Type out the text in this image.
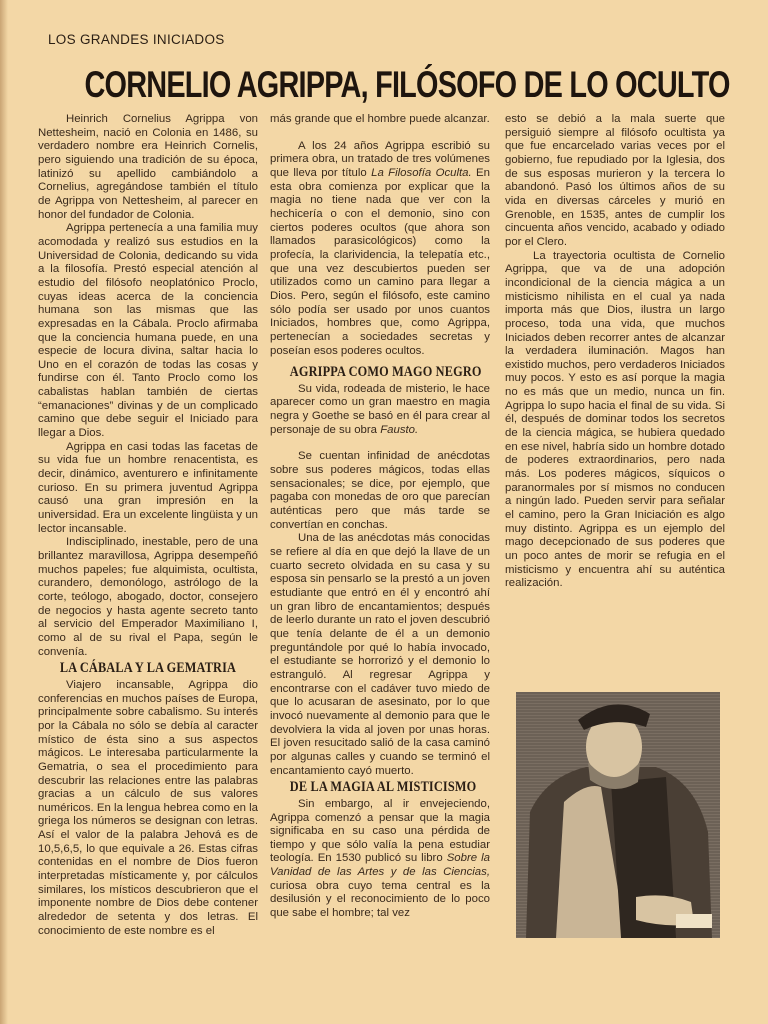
LOS GRANDES INICIADOS
CORNELIO AGRIPPA, FILÓSOFO DE LO OCULTO

Heinrich Cornelius Agrippa von Nettesheim, nació en Colonia en 1486, su verdadero nombre era Heinrich Cornelis, pero siguiendo una tradición de su época, latinizó su apellido cambiándolo a Cornelius, agregándose también el título de Agrippa von Nettesheim, al parecer en honor del fundador de Colonia.

Agrippa pertenecía a una familia muy acomodada y realizó sus estudios en la Universidad de Colonia, dedicando su vida a la filosofía. Prestó especial atención al estudio del filósofo neoplatónico Proclo, cuyas ideas acerca de la conciencia humana son las mismas que las expresadas en la Cábala. Proclo afirmaba que la conciencia humana puede, en una especie de locura divina, saltar hacia lo Uno en el corazón de todas las cosas y fundirse con él. Tanto Proclo como los cabalistas hablan también de ciertas “emanaciones” divinas y de un complicado camino que debe seguir el Iniciado para llegar a Dios.

Agrippa en casi todas las facetas de su vida fue un hombre renacentista, es decir, dinámico, aventurero e infinitamente curioso. En su primera juventud Agrippa causó una gran impresión en la universidad. Era un excelente lingüista y un lector incansable.

Indisciplinado, inestable, pero de una brillantez maravillosa, Agrippa desempeñó muchos papeles; fue alquimista, ocultista, curandero, demonólogo, astrólogo de la corte, teólogo, abogado, doctor, consejero de negocios y hasta agente secreto tanto al servicio del Emperador Maximiliano I, como al de su rival el Papa, según le convenía.

LA CÁBALA Y LA GEMATRIA

Viajero incansable, Agrippa dio conferencias en muchos países de Europa, principalmente sobre cabalismo. Su interés por la Cábala no sólo se debía al caracter místico de ésta sino a sus aspectos mágicos. Le interesaba particularmente la Gematria, o sea el procedimiento para descubrir las relaciones entre las palabras gracias a un cálculo de sus valores numéricos. En la lengua hebrea como en la griega los números se designan con letras. Así el valor de la palabra Jehová es de 10,5,6,5, lo que equivale a 26. Estas cifras contenidas en el nombre de Dios fueron interpretadas místicamente y, por cálculos similares, los místicos descubrieron que el imponente nombre de Dios debe contener alrededor de setenta y dos letras. El conocimiento de este nombre es el

más grande que el hombre puede alcanzar.

A los 24 años Agrippa escribió su primera obra, un tratado de tres volúmenes que lleva por título La Filosofía Oculta. En esta obra comienza por explicar que la magia no tiene nada que ver con la hechicería o con el demonio, sino con ciertos poderes ocultos (que ahora son llamados parasicológicos) como la profecía, la clarividencia, la telepatía etc., que una vez descubiertos pueden ser utilizados como un camino para llegar a Dios. Pero, según el filósofo, este camino sólo podía ser usado por unos cuantos Iniciados, hombres que, como Agrippa, pertenecían a sociedades secretas y poseían esos poderes ocultos.

AGRIPPA COMO MAGO NEGRO

Su vida, rodeada de misterio, le hace aparecer como un gran maestro en magia negra y Goethe se basó en él para crear al personaje de su obra Fausto.

Se cuentan infinidad de anécdotas sobre sus poderes mágicos, todas ellas sensacionales; se dice, por ejemplo, que pagaba con monedas de oro que parecían auténticas pero que más tarde se convertían en conchas.

Una de las anécdotas más conocidas se refiere al día en que dejó la llave de un cuarto secreto olvidada en su casa y su esposa sin pensarlo se la prestó a un joven estudiante que entró en él y encontró ahí un gran libro de encantamientos; después de leerlo durante un rato el joven descubrió que tenía delante de él a un demonio preguntándole por qué lo había invocado, el estudiante se horrorizó y el demonio lo estranguló. Al regresar Agrippa y encontrarse con el cadáver tuvo miedo de que lo acusaran de asesinato, por lo que invocó nuevamente al demonio para que le devolviera la vida al joven por unas horas. El joven resucitado salió de la casa caminó por algunas calles y cuando se terminó el encantamiento cayó muerto.

DE LA MAGIA AL MISTICISMO

Sin embargo, al ir envejeciendo, Agrippa comenzó a pensar que la magia significaba en su caso una pérdida de tiempo y que sólo valía la pena estudiar teología. En 1530 publicó su libro Sobre la Vanidad de las Artes y de las Ciencias, curiosa obra cuyo tema central es la desilusión y el reconocimiento de lo poco que sabe el hombre; tal vez

esto se debió a la mala suerte que persiguió siempre al filósofo ocultista ya que fue encarcelado varias veces por el gobierno, fue repudiado por la Iglesia, dos de sus esposas murieron y la tercera lo abandonó. Pasó los últimos años de su vida en diversas cárceles y murió en Grenoble, en 1535, antes de cumplir los cincuenta años vencido, acabado y odiado por el Clero.

La trayectoria ocultista de Cornelio Agrippa, que va de una adopción incondicional de la ciencia mágica a un misticismo nihilista en el cual ya nada importa más que Dios, ilustra un largo proceso, toda una vida, que muchos Iniciados deben recorrer antes de alcanzar la verdadera iluminación. Magos han existido muchos, pero verdaderos Iniciados muy pocos. Y esto es así porque la magia no es más que un medio, nunca un fin. Agrippa lo supo hacia el final de su vida. Si él, después de dominar todos los secretos de la ciencia mágica, se hubiera quedado en ese nivel, habría sido un hombre dotado de poderes extraordinarios, pero nada más. Los poderes mágicos, síquicos o paranormales por sí mismos no conducen a ningún lado. Pueden servir para señalar el camino, pero la Gran Iniciación es algo muy distinto. Agrippa es un ejemplo del mago decepcionado de sus poderes que un poco antes de morir se refugia en el misticismo y encuentra ahí su auténtica realización.
